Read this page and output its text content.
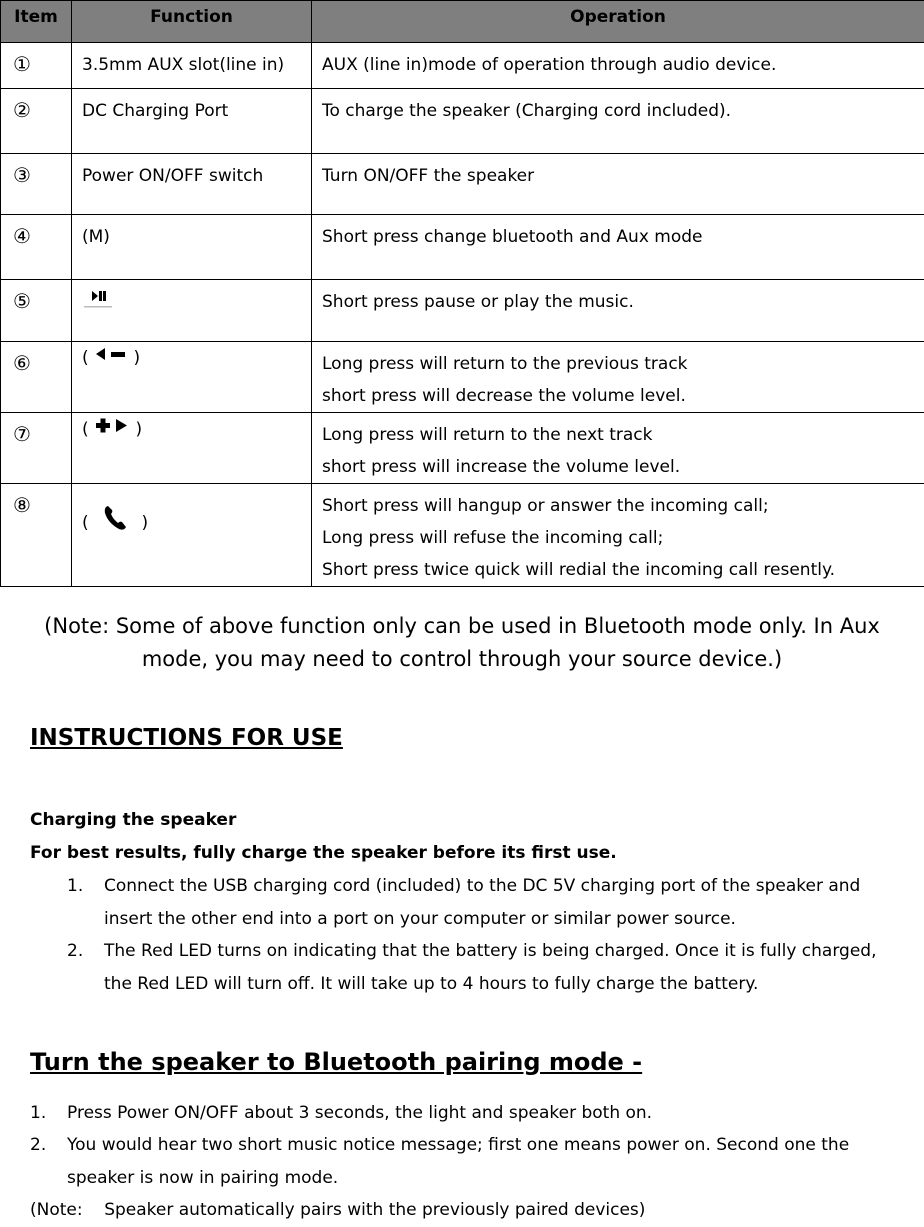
Item	Function	Operation
①	3.5mm AUX slot(line in)	AUX (line in)mode of operation through audio device.
②	DC Charging Port	To charge the speaker (Charging cord included).
③	Power ON/OFF switch	Turn ON/OFF the speaker
④	(M)	Short press change bluetooth and Aux mode
⑤		Short press pause or play the music.
⑥	( )	Long press will return to the previous track
short press will decrease the volume level.

⑦	( )	Long press will return to the next track
short press will increase the volume level.

⑧	( )	Short press will hangup or answer the incoming call;
Long press will refuse the incoming call;
Short press twice quick will redial the incoming call resently.
(Note: Some of above function only can be used in Bluetooth mode only. In Aux
mode, you may need to control through your source device.)
INSTRUCTIONS FOR USE
Charging the speaker
For best results, fully charge the speaker before its first use.
1. Connect the USB charging cord (included) to the DC 5V charging port of the speaker and
insert the other end into a port on your computer or similar power source.
2. The Red LED turns on indicating that the battery is being charged. Once it is fully charged,
the Red LED will turn off. It will take up to 4 hours to fully charge the battery.
Turn the speaker to Bluetooth pairing mode -
1. Press Power ON/OFF about 3 seconds, the light and speaker both on.
2. You would hear two short music notice message; first one means power on. Second one the
speaker is now in pairing mode.
(Note:    Speaker automatically pairs with the previously paired devices)
